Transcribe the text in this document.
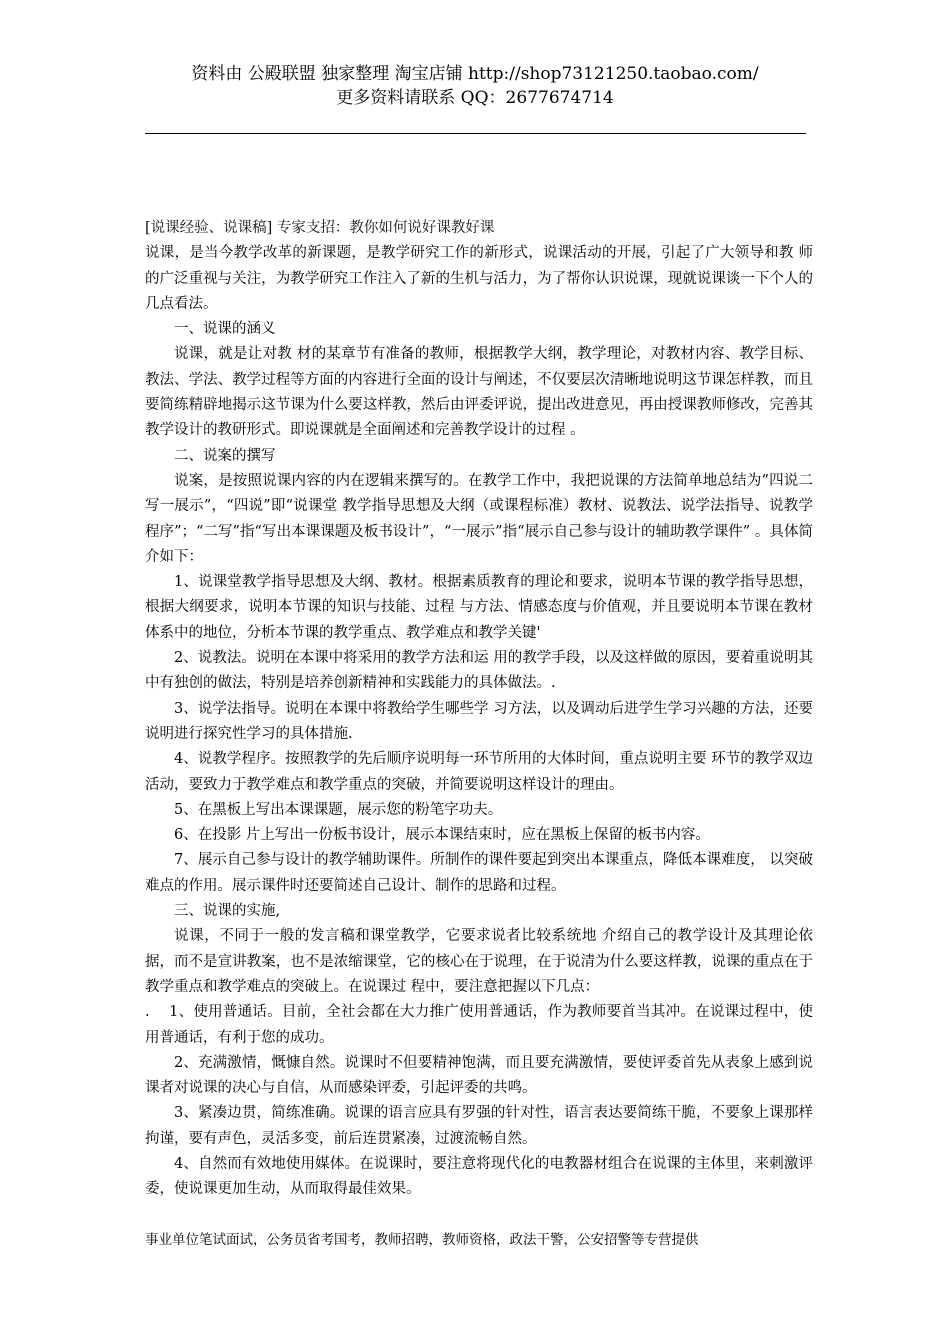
资料由 公殿联盟 独家整理 淘宝店铺 http://shop73121250.taobao.com/
更多资料请联系 QQ：2677674714

[说课经验、说课稿] 专家支招：教你如何说好课教好课

说课，是当今教学改革的新课题，是教学研究工作的新形式，说课活动的开展，引起了广大领导和教 师的广泛重视与关注，为教学研究工作注入了新的生机与活力，为了帮你认识说课，现就说课谈一下个人的几点看法。

一、说课的涵义

说课，就是让对教 材的某章节有准备的教师，根据教学大纲，教学理论，对教材内容、教学目标、教法、学法、教学过程等方面的内容进行全面的设计与阐述，不仅要层次清晰地说明这节课怎样教，而且要简练精辟地揭示这节课为什么要这样教，然后由评委评说，提出改进意见，再由授课教师修改，完善其教学设计的教研形式。即说课就是全面阐述和完善教学设计的过程 。

二、说案的撰写

说案，是按照说课内容的内在逻辑来撰写的。在教学工作中，我把说课的方法简单地总结为“四说二写一展示”，“四说”即“说课堂 教学指导思想及大纲（或课程标准）教材、说教法、说学法指导、说教学程序”；“二写”指“写出本课课题及板书设计”，“一展示”指“展示自己参与设计的辅助教学课件” 。具体简介如下：

1、说课堂教学指导思想及大纲、教材。根据素质教育的理论和要求，说明本节课的教学指导思想，根据大纲要求，说明本节课的知识与技能、过程 与方法、情感态度与价值观，并且要说明本节课在教材体系中的地位，分析本节课的教学重点、教学难点和教学关键'

2、说教法。说明在本课中将采用的教学方法和运 用的教学手段，以及这样做的原因，要着重说明其中有独创的做法，特别是培养创新精神和实践能力的具体做法。.

3、说学法指导。说明在本课中将教给学生哪些学 习方法，以及调动后进学生学习兴趣的方法，还要说明进行探究性学习的具体措施.

4、说教学程序。按照教学的先后顺序说明每一环节所用的大体时间，重点说明主要 环节的教学双边活动，要致力于教学难点和教学重点的突破，并简要说明这样设计的理由。

5、在黑板上写出本课课题，展示您的粉笔字功夫。

6、在投影 片上写出一份板书设计，展示本课结束时，应在黑板上保留的板书内容。

7、展示自己参与设计的教学辅助课件。所制作的课件要起到突出本课重点，降低本课难度， 以突破难点的作用。展示课件时还要简述自己设计、制作的思路和过程。

三、说课的实施,

说课，不同于一般的发言稿和课堂教学，它要求说者比较系统地 介绍自己的教学设计及其理论依据，而不是宣讲教案，也不是浓缩课堂，它的核心在于说理，在于说清为什么要这样教，说课的重点在于教学重点和教学难点的突破上。在说课过 程中，要注意把握以下几点：

.    1、使用普通话。目前，全社会都在大力推广使用普通话，作为教师要首当其冲。在说课过程中，使用普通话，有利于您的成功。

2、充满激情，慨慷自然。说课时不但要精神饱满，而且要充满激情，要使评委首先从表象上感到说课者对说课的决心与自信，从而感染评委，引起评委的共鸣。

3、紧凑边贯，简练准确。说课的语言应具有罗强的针对性，语言表达要简练干脆，不要象上课那样拘谨，要有声色，灵活多变，前后连贯紧凑，过渡流畅自然。

4、自然而有效地使用媒体。在说课时，要注意将现代化的电教器材组合在说课的主体里，来刺激评委，使说课更加生动，从而取得最佳效果。

事业单位笔试面试，公务员省考国考，教师招聘，教师资格，政法干警，公安招警等专营提供
